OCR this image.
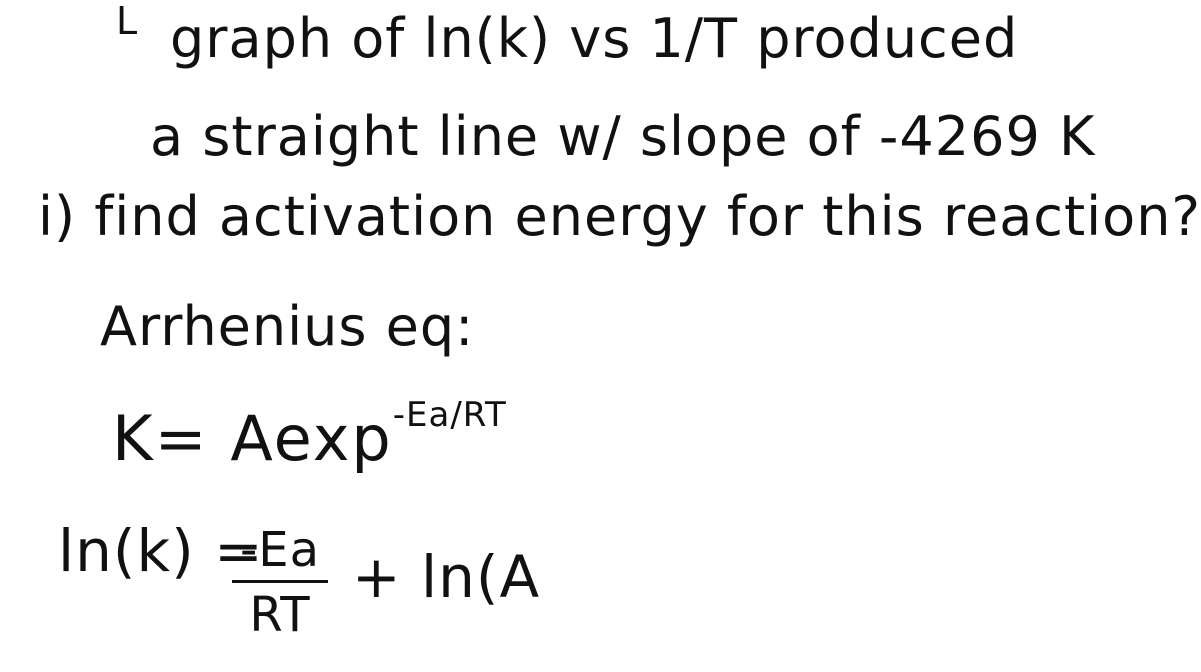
L graph of ln(k) vs 1/T produced
a straight line w/ slope of -4269 K
i) find activation energy for this reaction?
Arrhenius eq:
K= Aexp$^{-Ea/RT}$
ln(k) =
$\frac{-Ea}{RT} + \ln(A$
